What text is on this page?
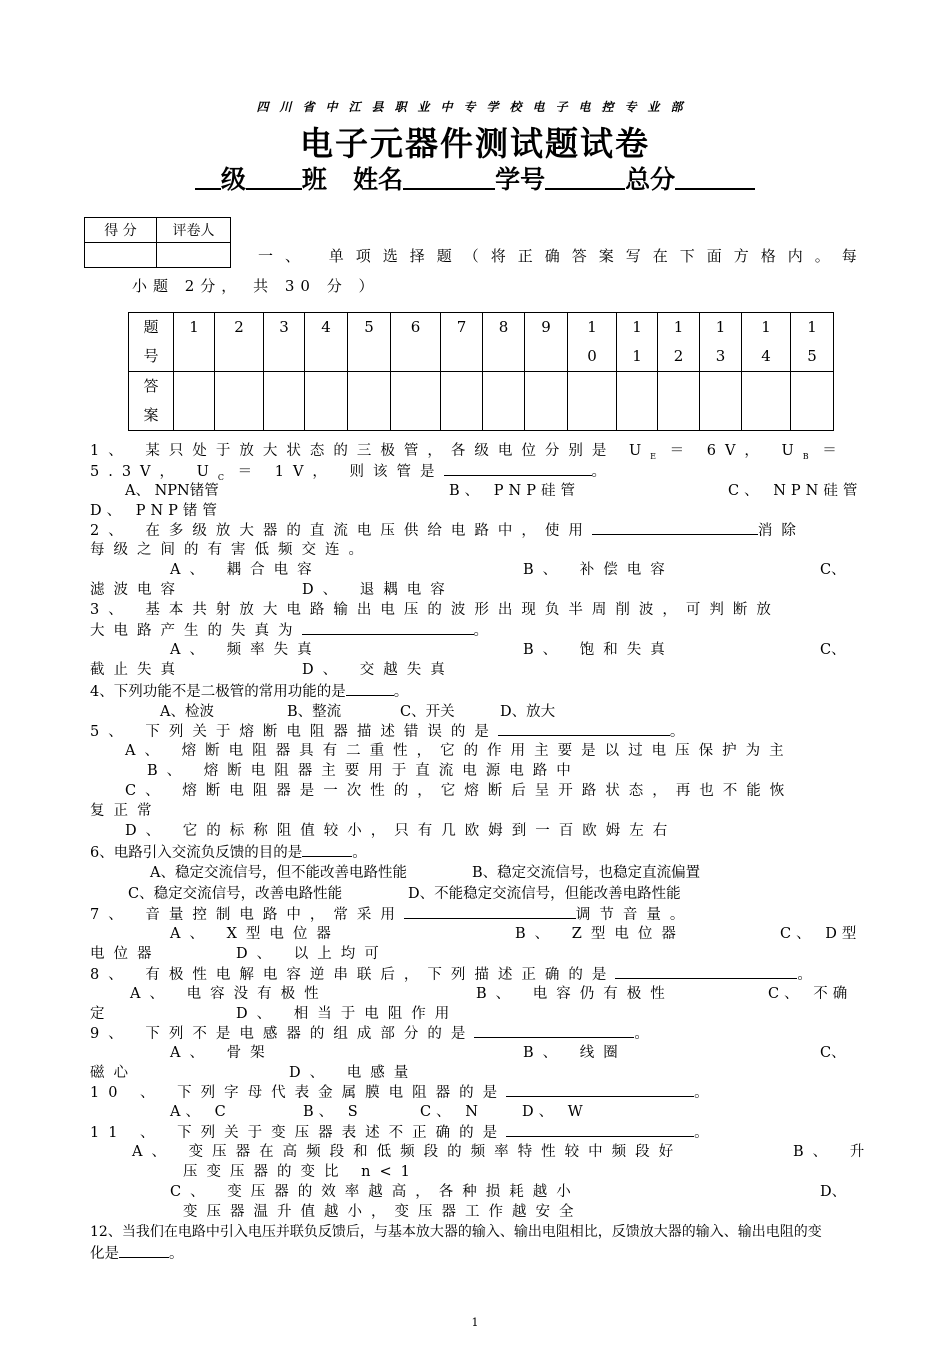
四川省中江县职业中专学校电子电控专业部
电子元器件测试题试卷
级 班 姓名	学号	总分
得 分	评卷人

一、 单项选择题（将正确答案写在下面方格内。每
小题 2分， 共 30 分 ）
题号	1	2	3	4	5	6	7	8	9	10	11	12	13	14	15
答案															
1、 某只处于放大状态的三极管，各级电位分别是 $U_E = 6V$， $U_B$ ＝
5.3V， $U_C = 1V$， 则该管是	。
A、 NPN锗管	B、 PNP硅管	C、 NPN硅管
D、 PNP锗管
2、 在多级放大器的直流电压供给电路中，使用	消除
每级之间的有害低频交连。
A、 耦合电容	B、 补偿电容	C、
滤波电容	D、 退耦电容
3、 基本共射放大电路输出电压的波形出现负半周削波，可判断放
大电路产生的失真为	。
A、 频率失真	B、 饱和失真	C、
截止失真	D、 交越失真
4、下列功能不是二极管的常用功能的是	。
A、检波	B、整流	C、开关	D、放大
5、 下列关于熔断电阻器描述错误的是	。
A、 熔断电阻器具有二重性，它的作用主要是以过电压保护为主
B、 熔断电阻器主要用于直流电源电路中
C、 熔断电阻器是一次性的，它熔断后呈开路状态，再也不能恢
复正常
D、 它的标称阻值较小，只有几欧姆到一百欧姆左右
6、电路引入交流负反馈的目的是	。
A、稳定交流信号，但不能改善电路性能	B、稳定交流信号，也稳定直流偏置
C、稳定交流信号，改善电路性能	D、不能稳定交流信号，但能改善电路性能
7、 音量控制电路中，常采用	调节音量。
A、 X型电位器	B、 Z型电位器	C、 D型
电位器	D、 以上均可
8、 有极性电解电容逆串联后，下列描述正确的是	。
A、 电容没有极性	B、 电容仍有极性	C、 不确
定	D、 相当于电阻作用
9、 下列不是电感器的组成部分的是	。
A、 骨架	B、 线圈	C、
磁心	D、 电感量
10 、 下列字母代表金属膜电阻器的是	。
A、 C	B、 S	C、 N	D、 W
11 、 下列关于变压器表述不正确的是	。
A、 变压器在高频段和低频段的频率特性较中频段好	B、 升
压变压器的变比 n<1
C、 变压器的效率越高，各种损耗越小	D、
变压器温升值越小，变压器工作越安全
12、当我们在电路中引入电压并联负反馈后，与基本放大器的输入、输出电阻相比，反馈放大器的输入、输出电阻的变
化是	。
1
